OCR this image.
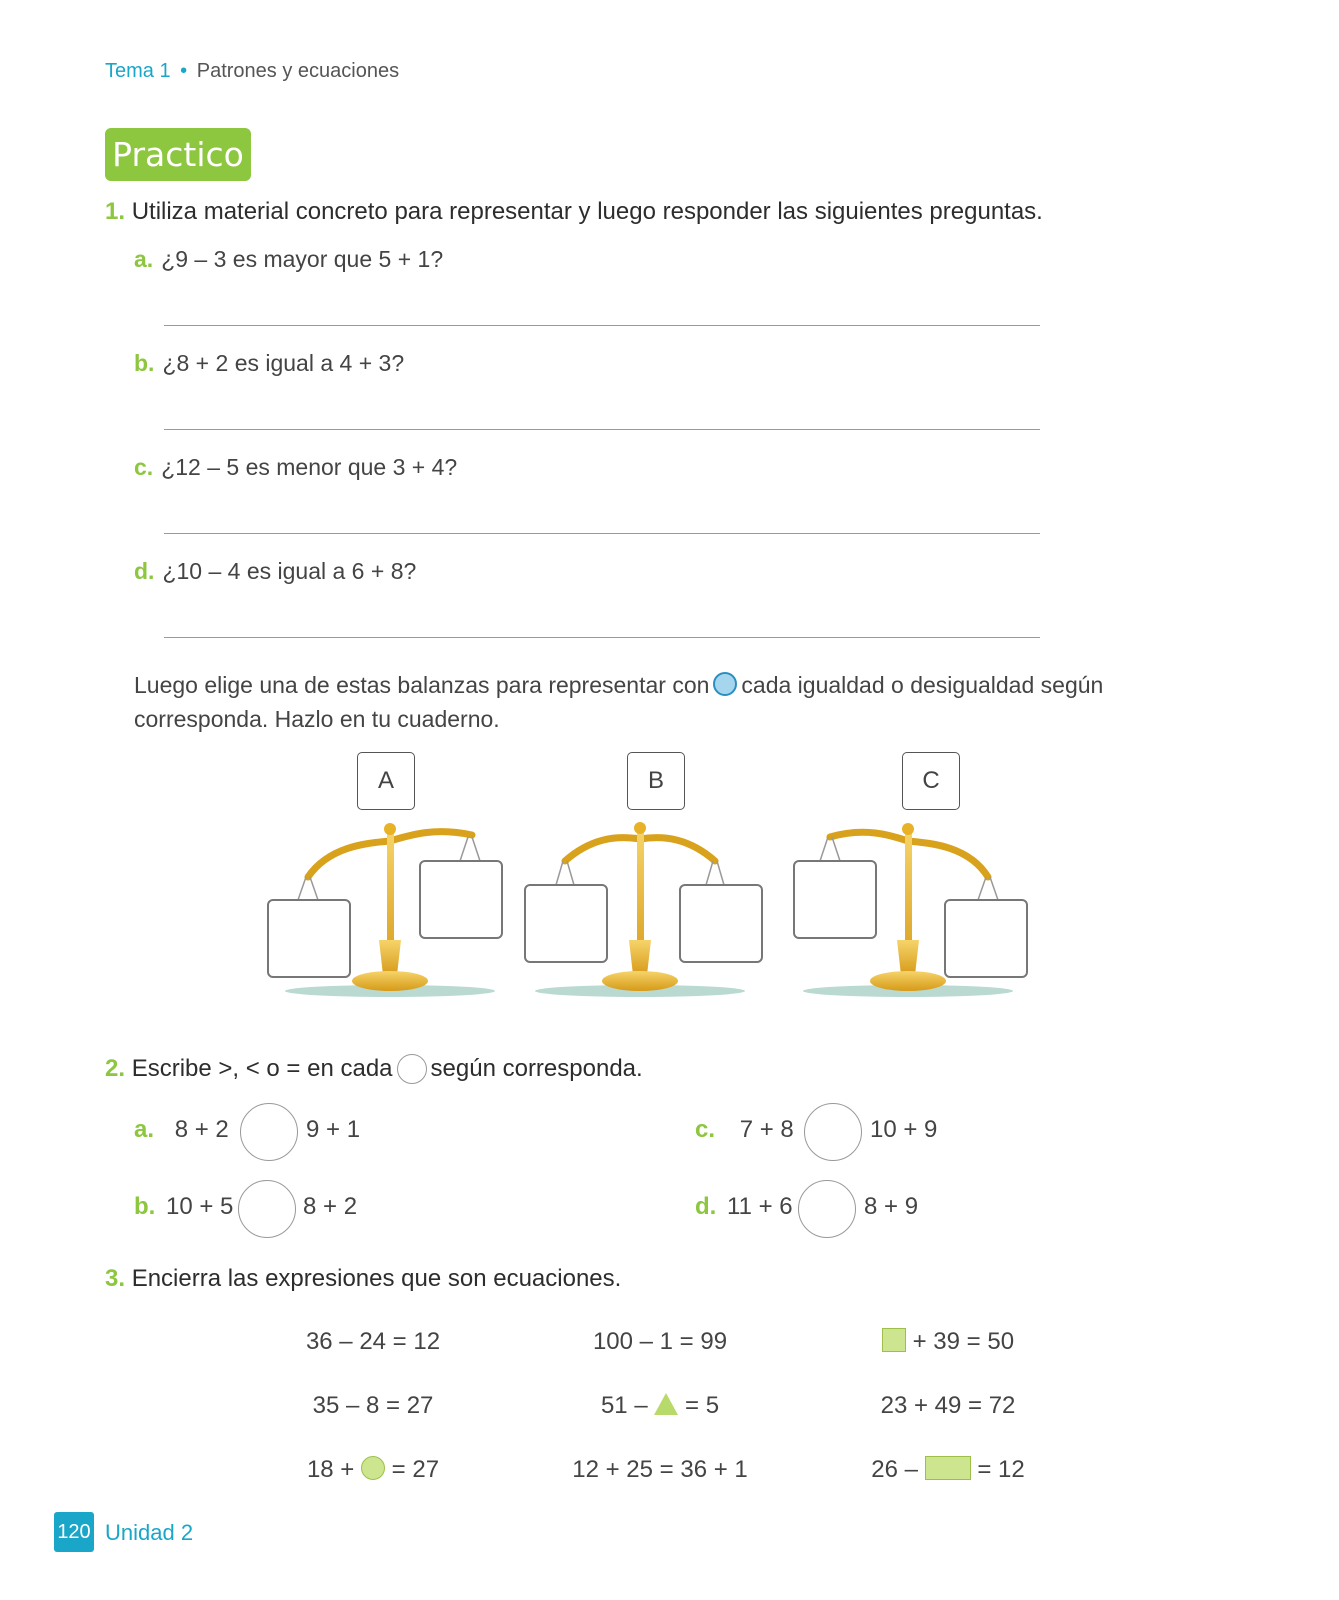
Tema 1 • Patrones y ecuaciones
Practico
1. Utiliza material concreto para representar y luego responder las siguientes preguntas.
a. ¿9 – 3 es mayor que 5 + 1?
b. ¿8 + 2 es igual a 4 + 3?
c. ¿12 – 5 es menor que 3 + 4?
d. ¿10 – 4 es igual a 6 + 8?
Luego elige una de estas balanzas para representar con cada igualdad o desigualdad según corresponda. Hazlo en tu cuaderno.
A	B	C
2. Escribe >, < o = en cada según corresponda.
a. 8 + 2	9 + 1
b. 10 + 5	8 + 2
c. 7 + 8	10 + 9
d. 11 + 6	8 + 9
3. Encierra las expresiones que son ecuaciones.
36 – 24 = 12	100 – 1 = 99	+ 39 = 50
35 – 8 = 27	51 – = 5	23 + 49 = 72
18 + = 27	12 + 25 = 36 + 1	26 – = 12
120 Unidad 2
